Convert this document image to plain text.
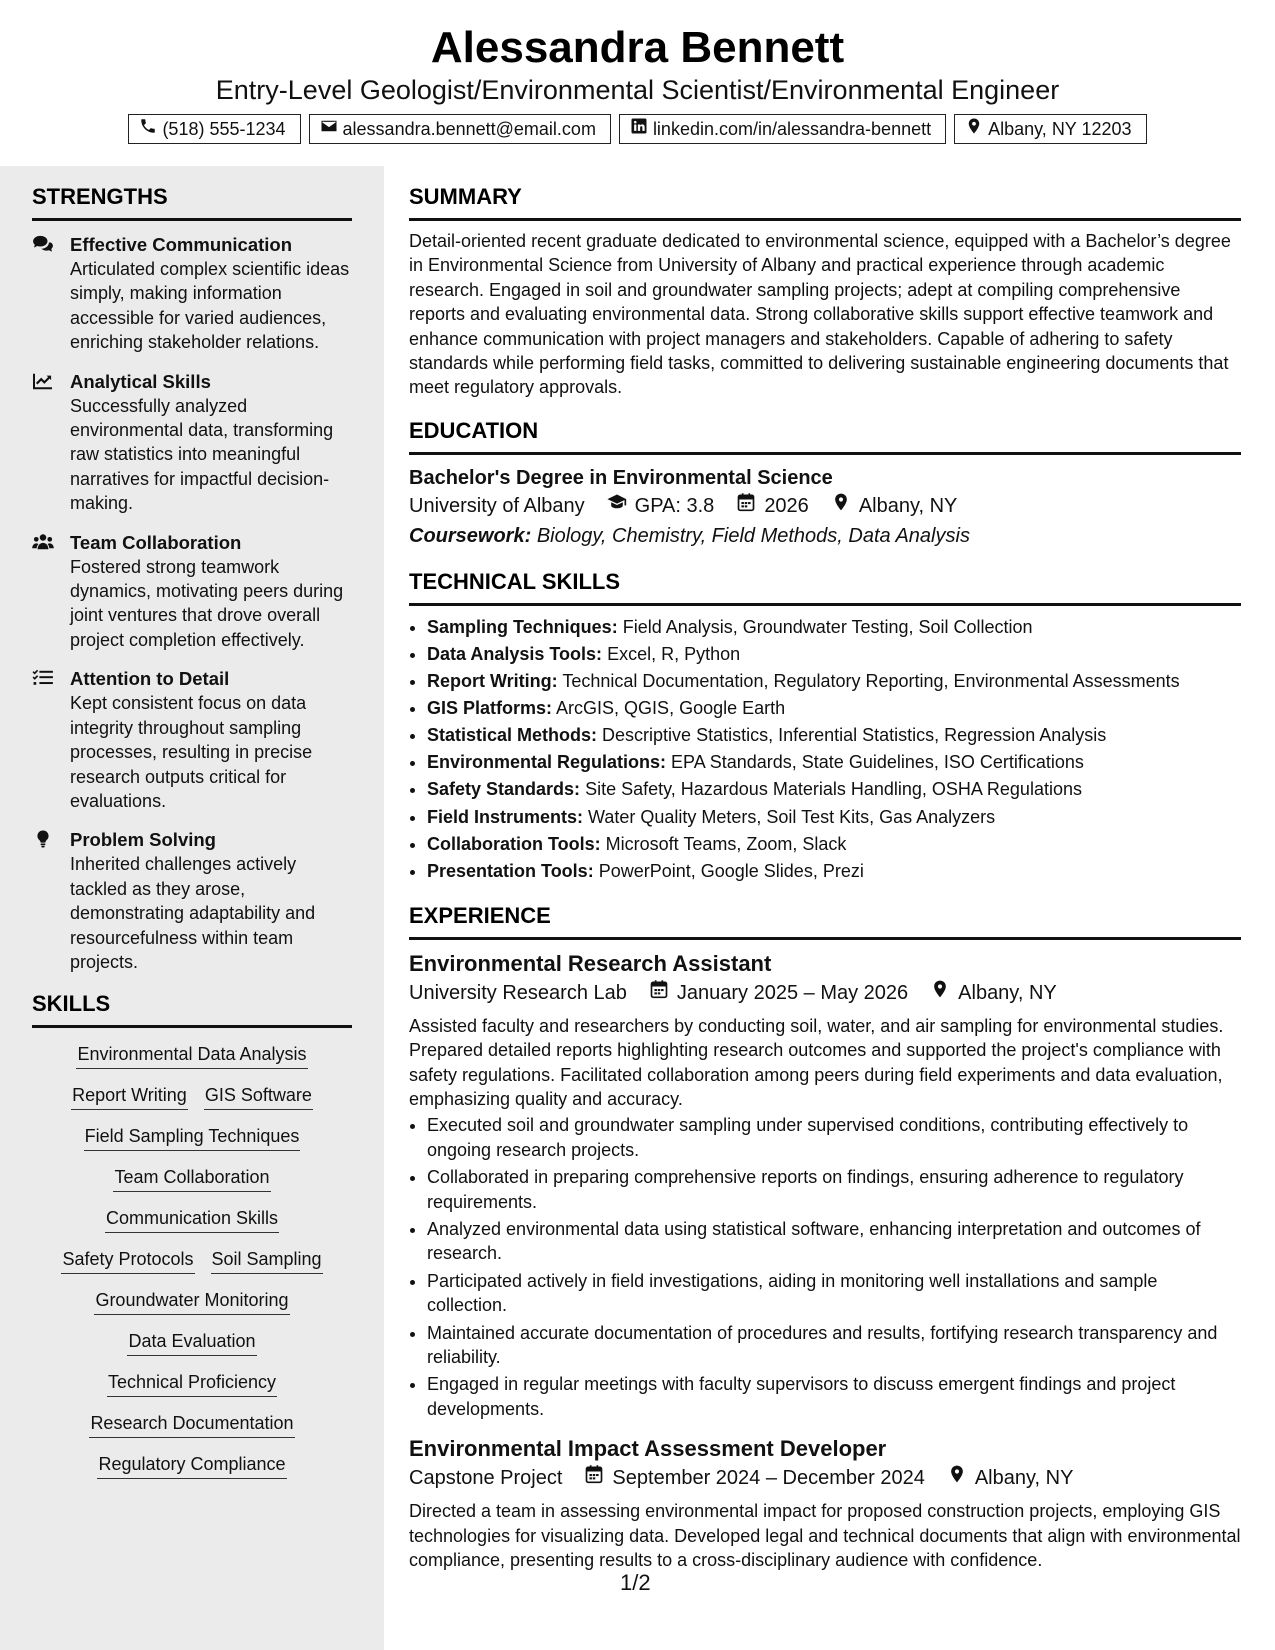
Alessandra Bennett
Entry-Level Geologist/Environmental Scientist/Environmental Engineer
(518) 555-1234	alessandra.bennett@email.com	linkedin.com/in/alessandra-bennett	Albany, NY 12203
STRENGTHS
Effective Communication
Articulated complex scientific ideas simply, making information accessible for varied audiences, enriching stakeholder relations.
Analytical Skills
Successfully analyzed environmental data, transforming raw statistics into meaningful narratives for impactful decision-making.
Team Collaboration
Fostered strong teamwork dynamics, motivating peers during joint ventures that drove overall project completion effectively.
Attention to Detail
Kept consistent focus on data integrity throughout sampling processes, resulting in precise research outputs critical for evaluations.
Problem Solving
Inherited challenges actively tackled as they arose, demonstrating adaptability and resourcefulness within team projects.
SKILLS
Environmental Data Analysis
Report Writing GIS Software
Field Sampling Techniques
Team Collaboration
Communication Skills
Safety Protocols Soil Sampling
Groundwater Monitoring
Data Evaluation
Technical Proficiency
Research Documentation
Regulatory Compliance
SUMMARY
Detail-oriented recent graduate dedicated to environmental science, equipped with a Bachelor’s degree in Environmental Science from University of Albany and practical experience through academic research. Engaged in soil and groundwater sampling projects; adept at compiling comprehensive reports and evaluating environmental data. Strong collaborative skills support effective teamwork and enhance communication with project managers and stakeholders. Capable of adhering to safety standards while performing field tasks, committed to delivering sustainable engineering documents that meet regulatory approvals.
EDUCATION
Bachelor's Degree in Environmental Science
University of Albany	GPA: 3.8	2026	Albany, NY
Coursework: Biology, Chemistry, Field Methods, Data Analysis
TECHNICAL SKILLS
• Sampling Techniques: Field Analysis, Groundwater Testing, Soil Collection
• Data Analysis Tools: Excel, R, Python
• Report Writing: Technical Documentation, Regulatory Reporting, Environmental Assessments
• GIS Platforms: ArcGIS, QGIS, Google Earth
• Statistical Methods: Descriptive Statistics, Inferential Statistics, Regression Analysis
• Environmental Regulations: EPA Standards, State Guidelines, ISO Certifications
• Safety Standards: Site Safety, Hazardous Materials Handling, OSHA Regulations
• Field Instruments: Water Quality Meters, Soil Test Kits, Gas Analyzers
• Collaboration Tools: Microsoft Teams, Zoom, Slack
• Presentation Tools: PowerPoint, Google Slides, Prezi
EXPERIENCE
Environmental Research Assistant
University Research Lab	January 2025 – May 2026	Albany, NY
Assisted faculty and researchers by conducting soil, water, and air sampling for environmental studies. Prepared detailed reports highlighting research outcomes and supported the project's compliance with safety regulations. Facilitated collaboration among peers during field experiments and data evaluation, emphasizing quality and accuracy.
• Executed soil and groundwater sampling under supervised conditions, contributing effectively to ongoing research projects.
• Collaborated in preparing comprehensive reports on findings, ensuring adherence to regulatory requirements.
• Analyzed environmental data using statistical software, enhancing interpretation and outcomes of research.
• Participated actively in field investigations, aiding in monitoring well installations and sample collection.
• Maintained accurate documentation of procedures and results, fortifying research transparency and reliability.
• Engaged in regular meetings with faculty supervisors to discuss emergent findings and project developments.
Environmental Impact Assessment Developer
Capstone Project	September 2024 – December 2024	Albany, NY
Directed a team in assessing environmental impact for proposed construction projects, employing GIS technologies for visualizing data. Developed legal and technical documents that align with environmental compliance, presenting results to a cross-disciplinary audience with confidence.
1/2
